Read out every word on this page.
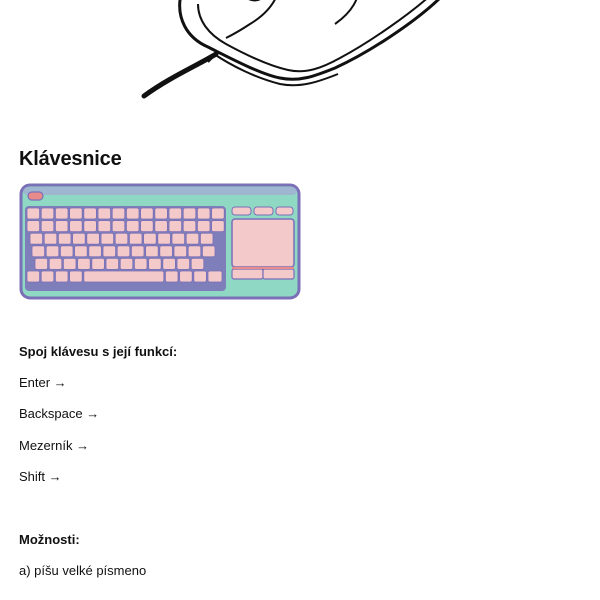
Klávesnice

Spoj klávesu s její funkcí:

Enter →
Backspace →
Mezerník →
Shift →

Možnosti:

a) píšu velké písmeno
